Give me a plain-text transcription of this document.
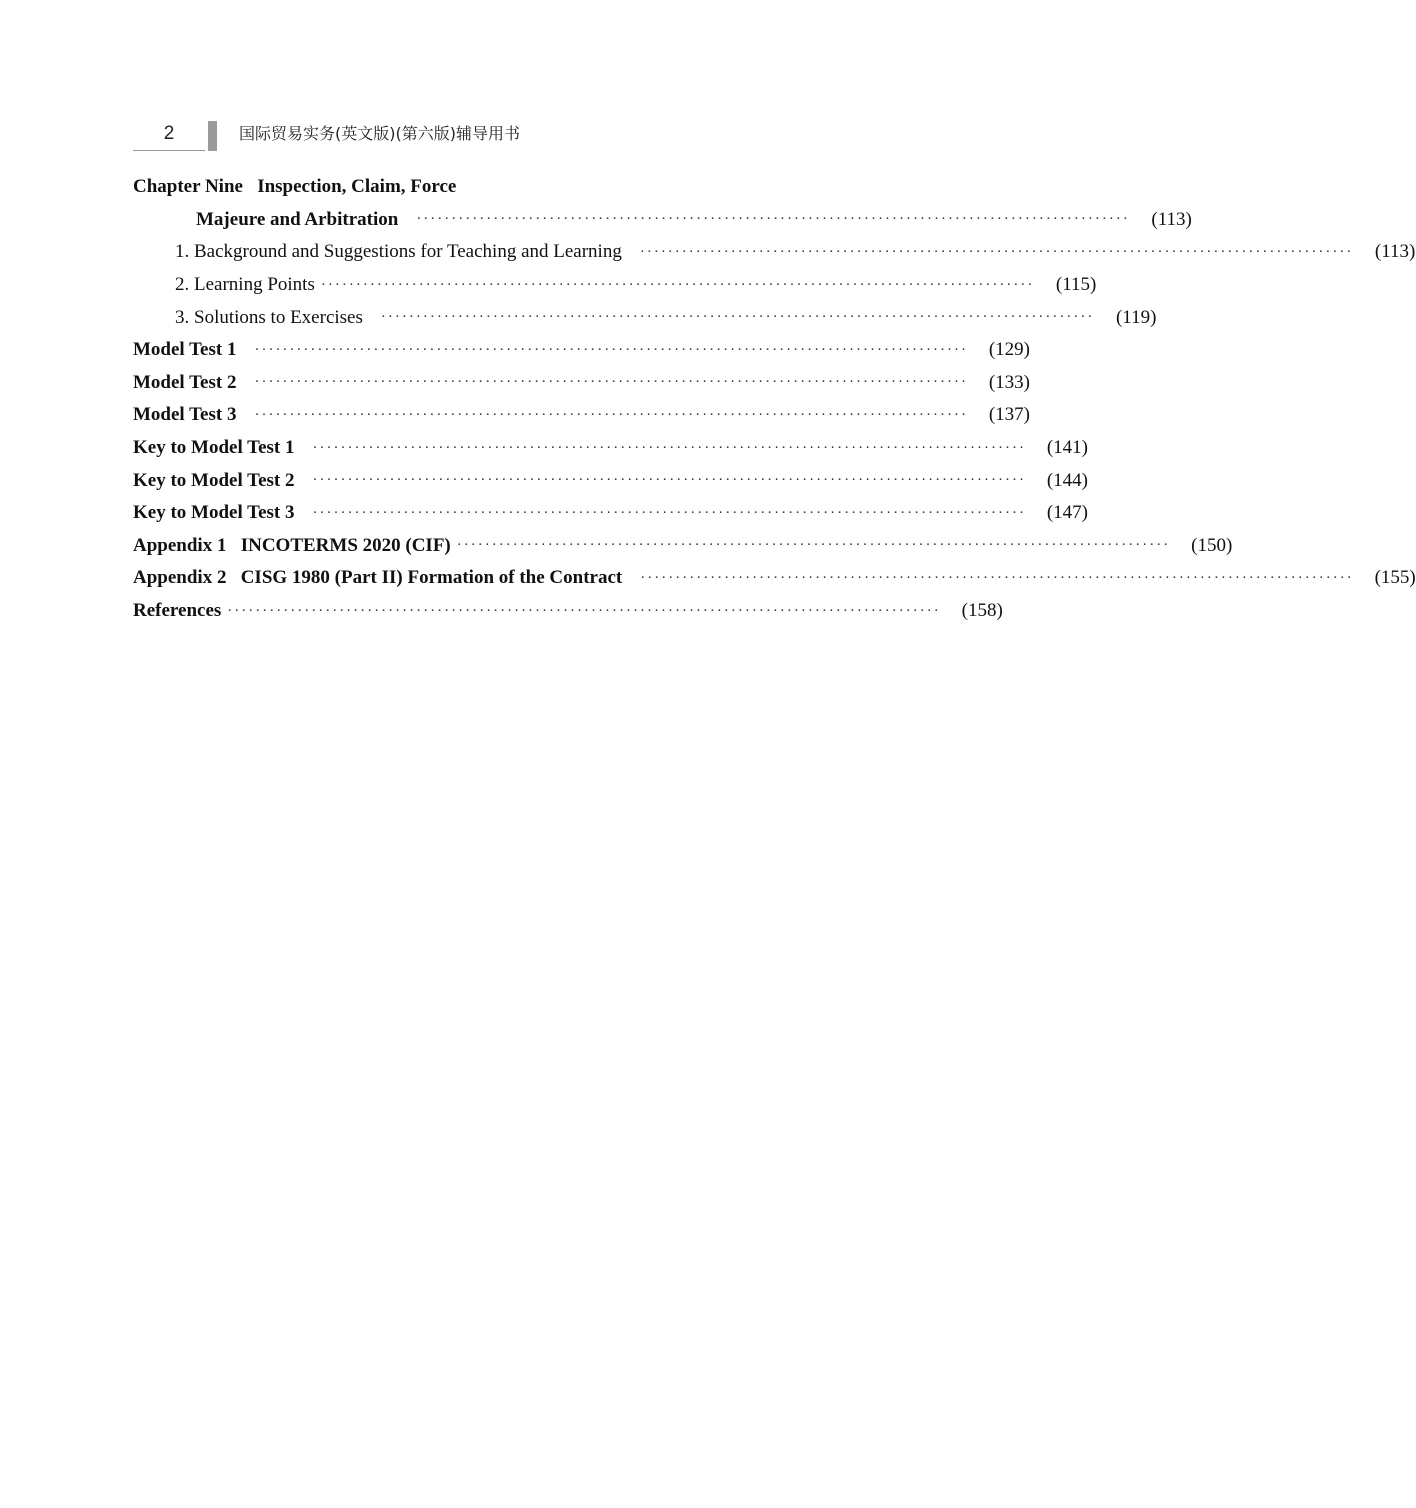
2	国际贸易实务(英文版)(第六版)辅导用书
Chapter Nine   Inspection, Claim, Force
Majeure and Arbitration ······································································································	(113)
1. Background and Suggestions for Teaching and Learning ······································································································	(113)
2. Learning Points ······································································································	(115)
3. Solutions to Exercises ······································································································	(119)
Model Test 1 ······································································································	(129)
Model Test 2 ······································································································	(133)
Model Test 3 ······································································································	(137)
Key to Model Test 1 ······································································································	(141)
Key to Model Test 2 ······································································································	(144)
Key to Model Test 3 ······································································································	(147)
Appendix 1   INCOTERMS 2020 (CIF) ······································································································	(150)
Appendix 2   CISG 1980 (Part II) Formation of the Contract ······································································································	(155)
References ······································································································	(158)
